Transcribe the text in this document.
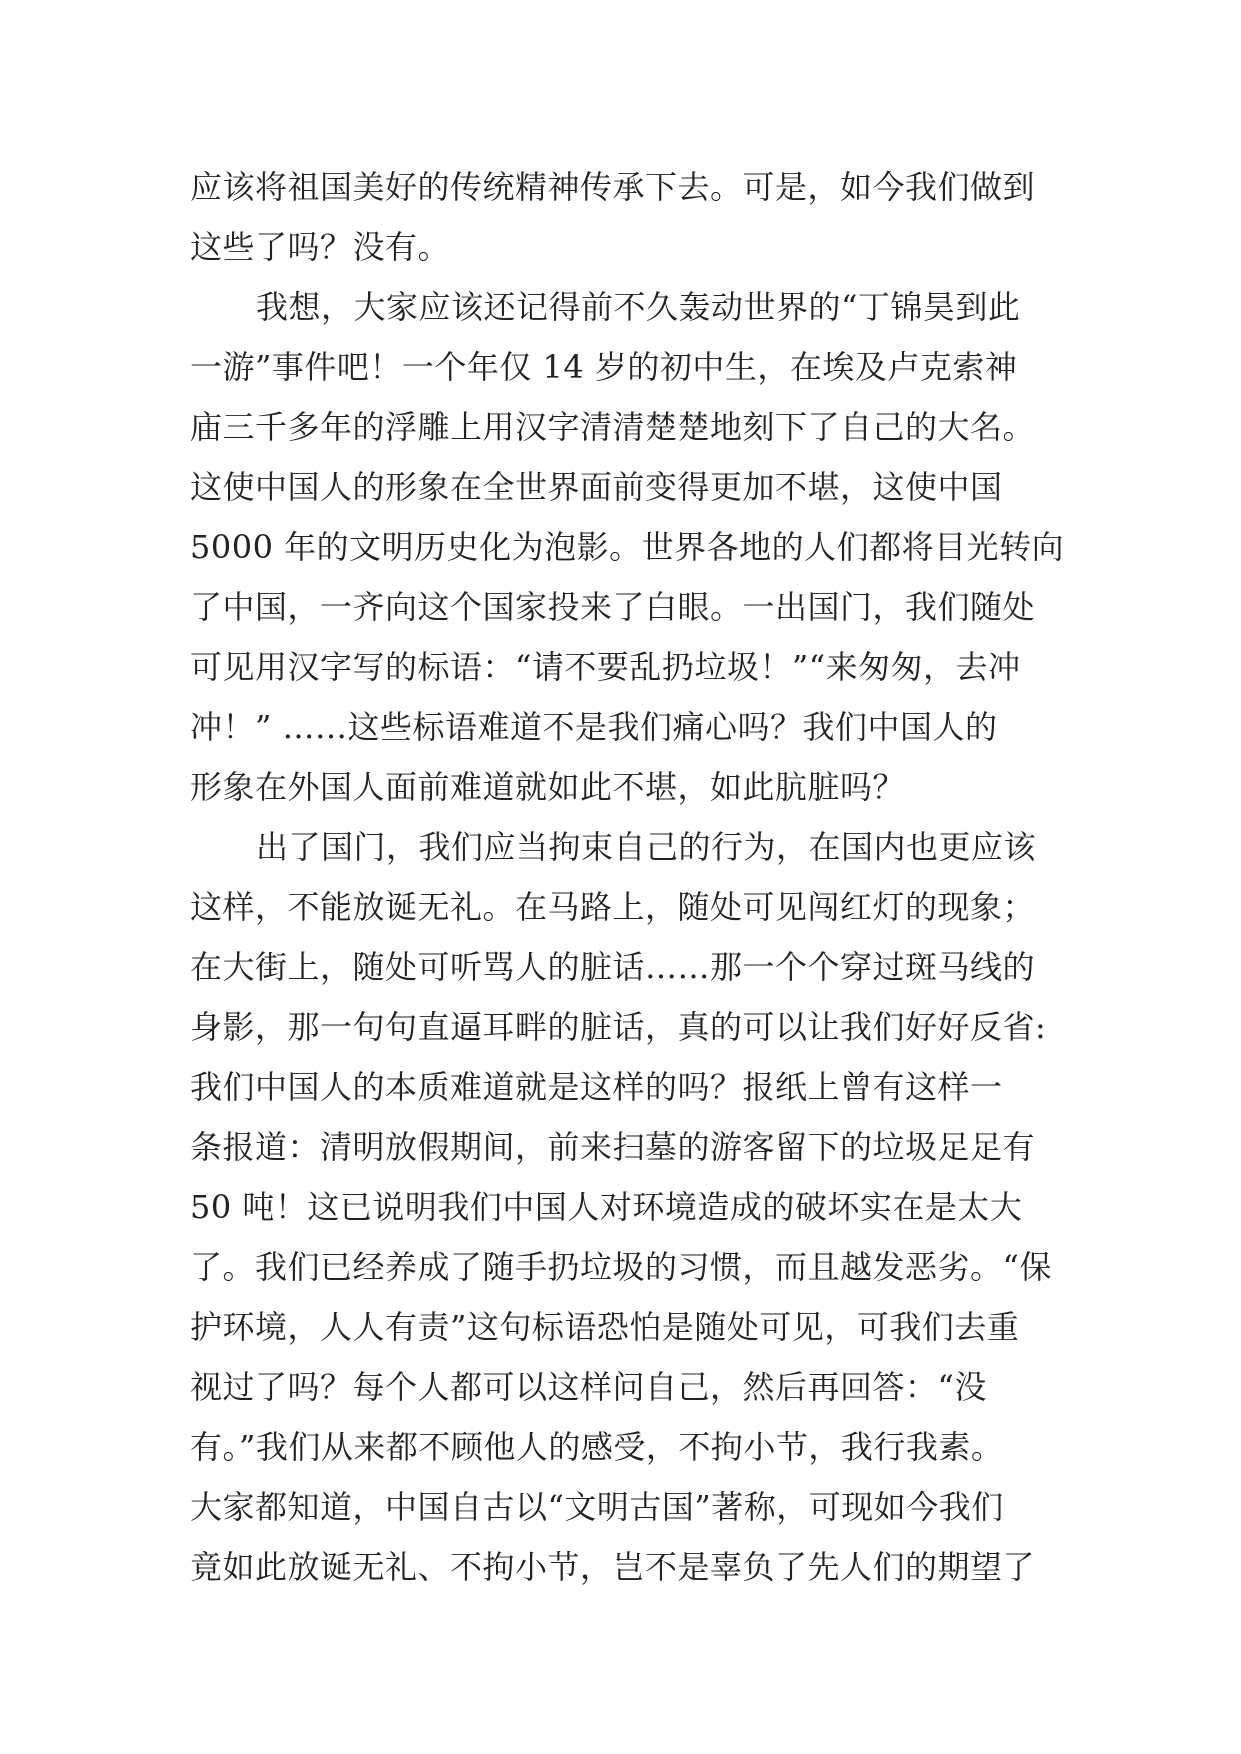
应该将祖国美好的传统精神传承下去。可是，如今我们做到
这些了吗？没有。
我想，大家应该还记得前不久轰动世界的“丁锦昊到此
一游”事件吧！一个年仅 14 岁的初中生，在埃及卢克索神
庙三千多年的浮雕上用汉字清清楚楚地刻下了自己的大名。
这使中国人的形象在全世界面前变得更加不堪，这使中国
5000 年的文明历史化为泡影。世界各地的人们都将目光转向
了中国，一齐向这个国家投来了白眼。一出国门，我们随处
可见用汉字写的标语：“请不要乱扔垃圾！”“来匆匆，去冲
冲！” ……这些标语难道不是我们痛心吗？我们中国人的
形象在外国人面前难道就如此不堪，如此肮脏吗？
出了国门，我们应当拘束自己的行为，在国内也更应该
这样，不能放诞无礼。在马路上，随处可见闯红灯的现象；
在大街上，随处可听骂人的脏话……那一个个穿过斑马线的
身影，那一句句直逼耳畔的脏话，真的可以让我们好好反省:
我们中国人的本质难道就是这样的吗？报纸上曾有这样一
条报道：清明放假期间，前来扫墓的游客留下的垃圾足足有
50 吨！这已说明我们中国人对环境造成的破坏实在是太大
了。我们已经养成了随手扔垃圾的习惯，而且越发恶劣。“保
护环境，人人有责”这句标语恐怕是随处可见，可我们去重
视过了吗？每个人都可以这样问自己，然后再回答：“没
有。”我们从来都不顾他人的感受，不拘小节，我行我素。
大家都知道，中国自古以“文明古国”著称，可现如今我们
竟如此放诞无礼、不拘小节，岂不是辜负了先人们的期望了
